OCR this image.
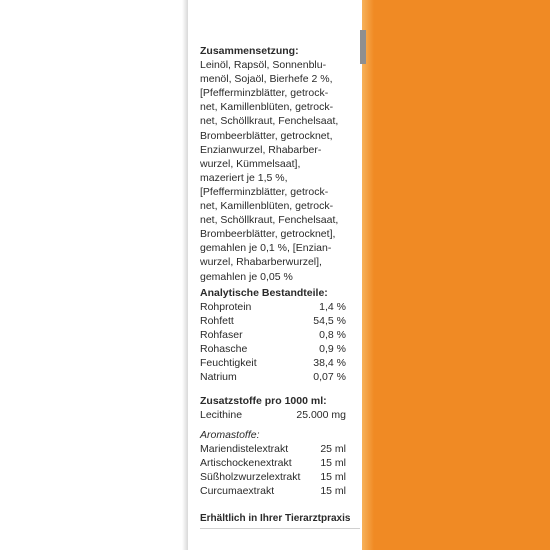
Zusammensetzung:
Leinöl, Rapsöl, Sonnenblu-
menöl, Sojaöl, Bierhefe 2 %,
[Pfefferminzblätter, getrock-
net, Kamillenblüten, getrock-
net, Schöllkraut, Fenchelsaat,
Brombeerblätter, getrocknet,
Enzianwurzel, Rhabarber-
wurzel, Kümmelsaat],
mazeriert je 1,5 %,
[Pfefferminzblätter, getrock-
net, Kamillenblüten, getrock-
net, Schöllkraut, Fenchelsaat,
Brombeerblätter, getrocknet],
gemahlen je 0,1 %, [Enzian-
wurzel, Rhabarberwurzel],
gemahlen je 0,05 %
Analytische Bestandteile:
Rohprotein	1,4 %
Rohfett	54,5 %
Rohfaser	0,8 %
Rohasche	0,9 %
Feuchtigkeit	38,4 %
Natrium	0,07 %
Zusatzstoffe pro 1000 ml:
Lecithine	25.000 mg
Aromastoffe:
Mariendistelextrakt	25 ml
Artischockenextrakt	15 ml
Süßholzwurzelextrakt 15 ml
Curcumaextrakt	15 ml
Erhältlich in Ihrer Tierarztpraxis
